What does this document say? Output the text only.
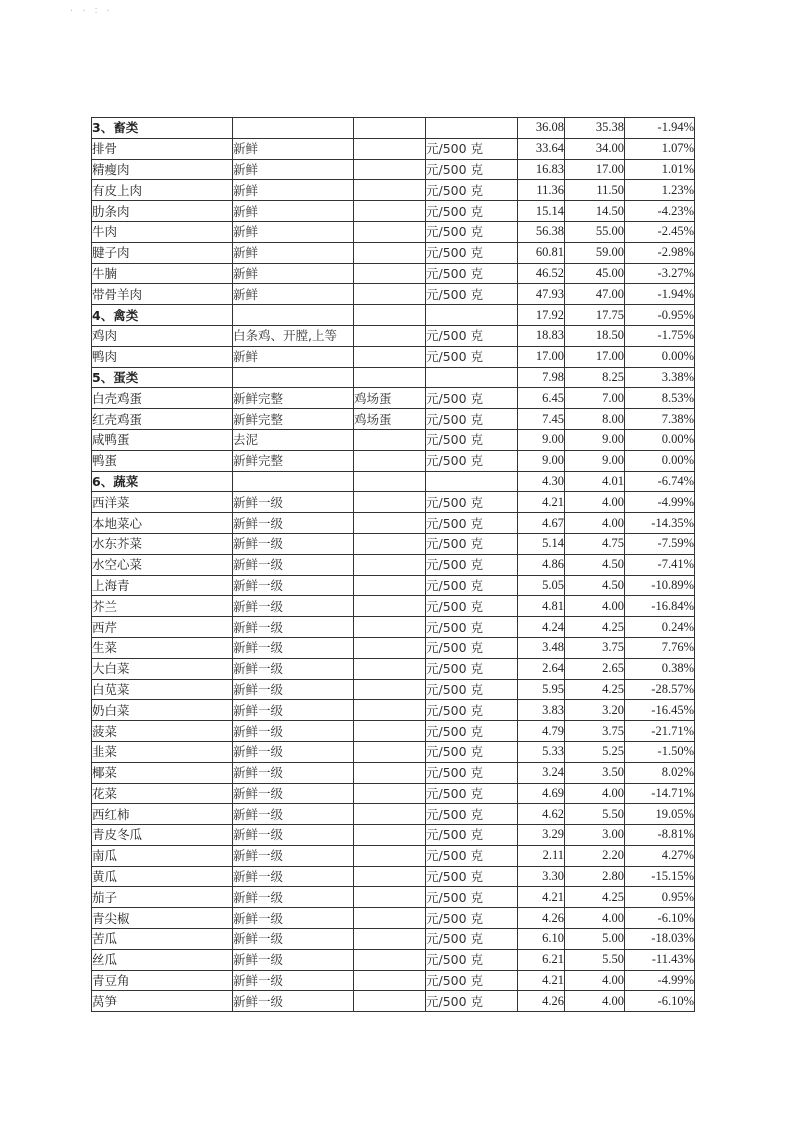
· · ∶ ·
3、畜类				36.08	35.38	-1.94%
排骨	新鲜		元/500 克	33.64	34.00	1.07%
精瘦肉	新鲜		元/500 克	16.83	17.00	1.01%
有皮上肉	新鲜		元/500 克	11.36	11.50	1.23%
肋条肉	新鲜		元/500 克	15.14	14.50	-4.23%
牛肉	新鲜		元/500 克	56.38	55.00	-2.45%
腱子肉	新鲜		元/500 克	60.81	59.00	-2.98%
牛腩	新鲜		元/500 克	46.52	45.00	-3.27%
带骨羊肉	新鲜		元/500 克	47.93	47.00	-1.94%
4、禽类				17.92	17.75	-0.95%
鸡肉	白条鸡、开膛,上等		元/500 克	18.83	18.50	-1.75%
鸭肉	新鲜		元/500 克	17.00	17.00	0.00%
5、蛋类				7.98	8.25	3.38%
白壳鸡蛋	新鲜完整	鸡场蛋	元/500 克	6.45	7.00	8.53%
红壳鸡蛋	新鲜完整	鸡场蛋	元/500 克	7.45	8.00	7.38%
咸鸭蛋	去泥		元/500 克	9.00	9.00	0.00%
鸭蛋	新鲜完整		元/500 克	9.00	9.00	0.00%
6、蔬菜				4.30	4.01	-6.74%
西洋菜	新鲜一级		元/500 克	4.21	4.00	-4.99%
本地菜心	新鲜一级		元/500 克	4.67	4.00	-14.35%
水东芥菜	新鲜一级		元/500 克	5.14	4.75	-7.59%
水空心菜	新鲜一级		元/500 克	4.86	4.50	-7.41%
上海青	新鲜一级		元/500 克	5.05	4.50	-10.89%
芥兰	新鲜一级		元/500 克	4.81	4.00	-16.84%
西芹	新鲜一级		元/500 克	4.24	4.25	0.24%
生菜	新鲜一级		元/500 克	3.48	3.75	7.76%
大白菜	新鲜一级		元/500 克	2.64	2.65	0.38%
白苋菜	新鲜一级		元/500 克	5.95	4.25	-28.57%
奶白菜	新鲜一级		元/500 克	3.83	3.20	-16.45%
菠菜	新鲜一级		元/500 克	4.79	3.75	-21.71%
韭菜	新鲜一级		元/500 克	5.33	5.25	-1.50%
椰菜	新鲜一级		元/500 克	3.24	3.50	8.02%
花菜	新鲜一级		元/500 克	4.69	4.00	-14.71%
西红柿	新鲜一级		元/500 克	4.62	5.50	19.05%
青皮冬瓜	新鲜一级		元/500 克	3.29	3.00	-8.81%
南瓜	新鲜一级		元/500 克	2.11	2.20	4.27%
黄瓜	新鲜一级		元/500 克	3.30	2.80	-15.15%
茄子	新鲜一级		元/500 克	4.21	4.25	0.95%
青尖椒	新鲜一级		元/500 克	4.26	4.00	-6.10%
苦瓜	新鲜一级		元/500 克	6.10	5.00	-18.03%
丝瓜	新鲜一级		元/500 克	6.21	5.50	-11.43%
青豆角	新鲜一级		元/500 克	4.21	4.00	-4.99%
莴笋	新鲜一级		元/500 克	4.26	4.00	-6.10%
